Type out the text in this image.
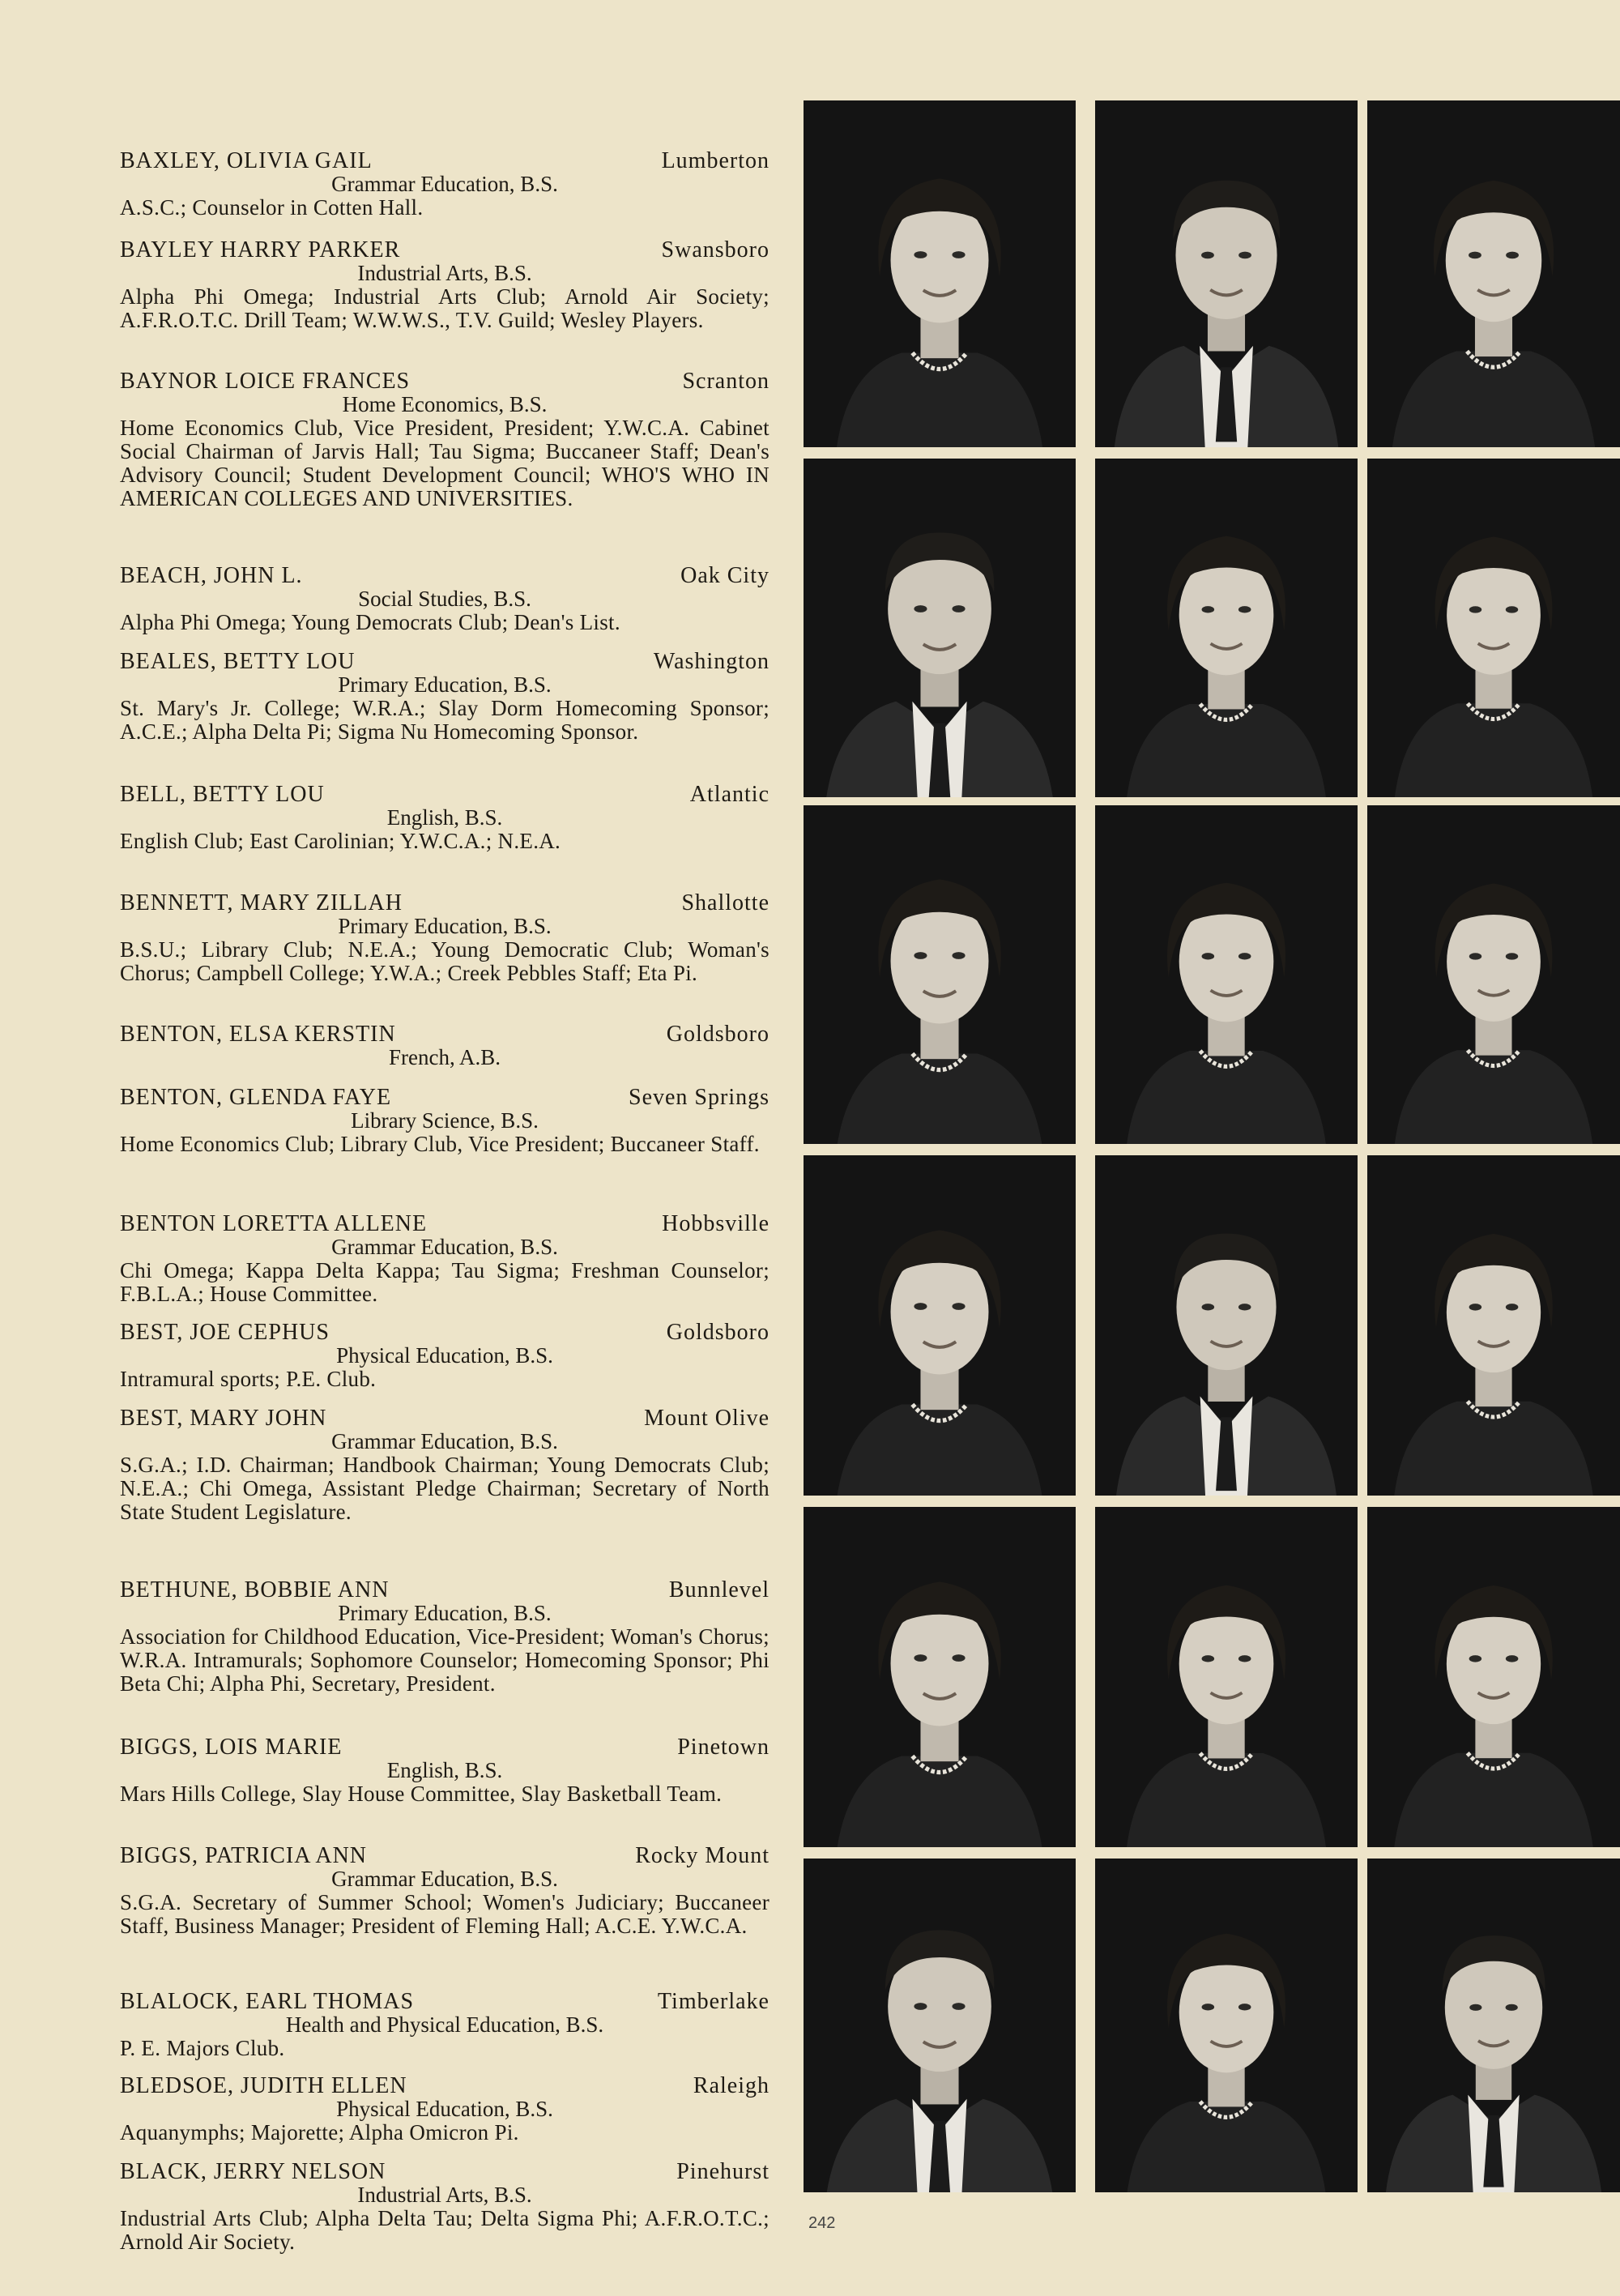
BAXLEY, OLIVIA GAIL	Lumberton
Grammar Education, B.S.
A.S.C.; Counselor in Cotten Hall.
BAYLEY HARRY PARKER	Swansboro
Industrial Arts, B.S.
Alpha Phi Omega; Industrial Arts Club; Arnold Air Society; A.F.R.O.T.C. Drill Team; W.W.W.S., T.V. Guild; Wesley Players.
BAYNOR LOICE FRANCES	Scranton
Home Economics, B.S.
Home Economics Club, Vice President, President; Y.W.C.A. Cabinet Social Chairman of Jarvis Hall; Tau Sigma; Buccaneer Staff; Dean's Advisory Council; Student Development Council; WHO'S WHO IN AMERICAN COLLEGES AND UNIVERSITIES.
BEACH, JOHN L.	Oak City
Social Studies, B.S.
Alpha Phi Omega; Young Democrats Club; Dean's List.
BEALES, BETTY LOU	Washington
Primary Education, B.S.
St. Mary's Jr. College; W.R.A.; Slay Dorm Homecoming Sponsor; A.C.E.; Alpha Delta Pi; Sigma Nu Homecoming Sponsor.
BELL, BETTY LOU	Atlantic
English, B.S.
English Club; East Carolinian; Y.W.C.A.; N.E.A.
BENNETT, MARY ZILLAH	Shallotte
Primary Education, B.S.
B.S.U.; Library Club; N.E.A.; Young Democratic Club; Woman's Chorus; Campbell College; Y.W.A.; Creek Pebbles Staff; Eta Pi.
BENTON, ELSA KERSTIN	Goldsboro
French, A.B.
BENTON, GLENDA FAYE	Seven Springs
Library Science, B.S.
Home Economics Club; Library Club, Vice President; Buccaneer Staff.
BENTON LORETTA ALLENE	Hobbsville
Grammar Education, B.S.
Chi Omega; Kappa Delta Kappa; Tau Sigma; Freshman Counselor; F.B.L.A.; House Committee.
BEST, JOE CEPHUS	Goldsboro
Physical Education, B.S.
Intramural sports; P.E. Club.
BEST, MARY JOHN	Mount Olive
Grammar Education, B.S.
S.G.A.; I.D. Chairman; Handbook Chairman; Young Democrats Club; N.E.A.; Chi Omega, Assistant Pledge Chairman; Secretary of North State Student Legislature.
BETHUNE, BOBBIE ANN	Bunnlevel
Primary Education, B.S.
Association for Childhood Education, Vice-President; Woman's Chorus; W.R.A. Intramurals; Sophomore Counselor; Homecoming Sponsor; Phi Beta Chi; Alpha Phi, Secretary, President.
BIGGS, LOIS MARIE	Pinetown
English, B.S.
Mars Hills College, Slay House Committee, Slay Basketball Team.
BIGGS, PATRICIA ANN	Rocky Mount
Grammar Education, B.S.
S.G.A. Secretary of Summer School; Women's Judiciary; Buccaneer Staff, Business Manager; President of Fleming Hall; A.C.E. Y.W.C.A.
BLALOCK, EARL THOMAS	Timberlake
Health and Physical Education, B.S.
P. E. Majors Club.
BLEDSOE, JUDITH ELLEN	Raleigh
Physical Education, B.S.
Aquanymphs; Majorette; Alpha Omicron Pi.
BLACK, JERRY NELSON	Pinehurst
Industrial Arts, B.S.
Industrial Arts Club; Alpha Delta Tau; Delta Sigma Phi; A.F.R.O.T.C.; Arnold Air Society.
242
